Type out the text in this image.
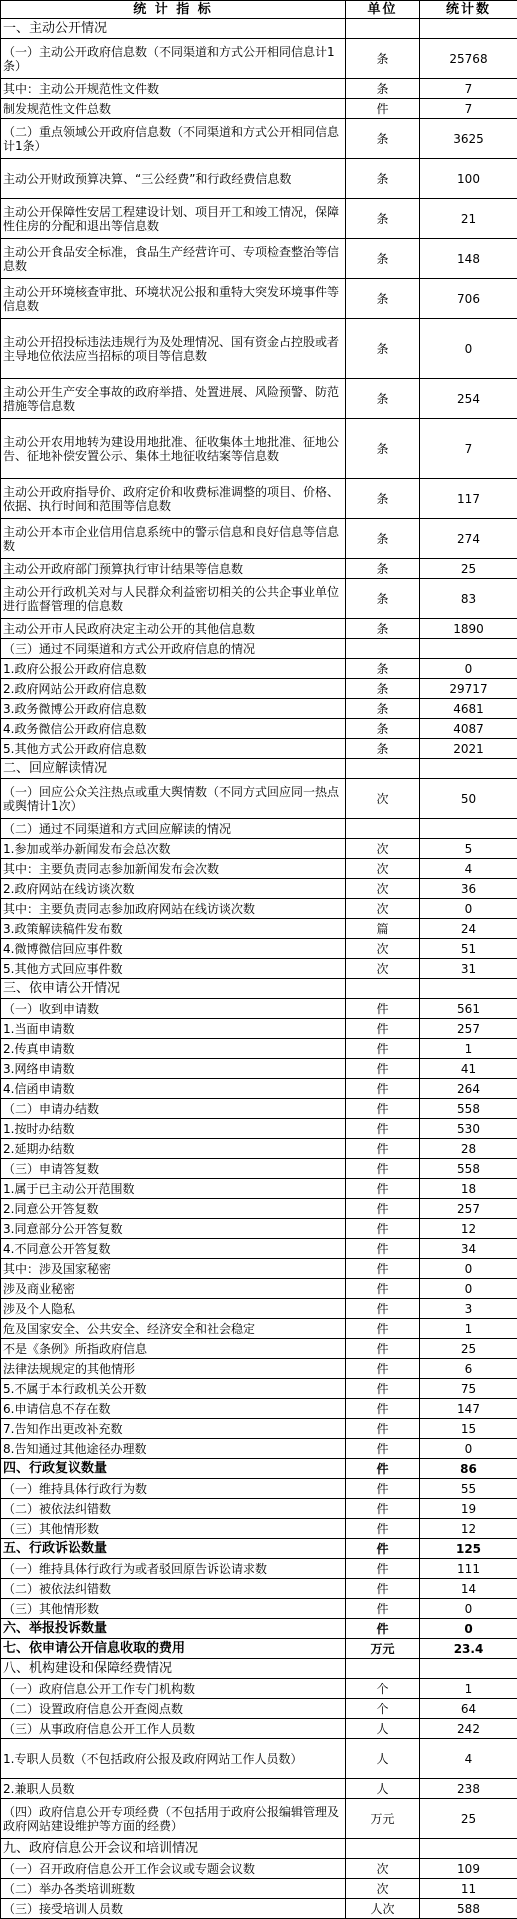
统 计 指 标	单位	统计数
一、主动公开情况		
（一）主动公开政府信息数（不同渠道和方式公开相同信息计1条）	条	25768
其中：主动公开规范性文件数	条	7
制发规范性文件总数	件	7
（二）重点领域公开政府信息数（不同渠道和方式公开相同信息计1条）	条	3625
主动公开财政预算决算、“三公经费”和行政经费信息数	条	100
主动公开保障性安居工程建设计划、项目开工和竣工情况，保障性住房的分配和退出等信息数	条	21
主动公开食品安全标准，食品生产经营许可、专项检查整治等信息数	条	148
主动公开环境核查审批、环境状况公报和重特大突发环境事件等信息数	条	706
主动公开招投标违法违规行为及处理情况、国有资金占控股或者主导地位依法应当招标的项目等信息数	条	0
主动公开生产安全事故的政府举措、处置进展、风险预警、防范措施等信息数	条	254
主动公开农用地转为建设用地批准、征收集体土地批准、征地公告、征地补偿安置公示、集体土地征收结案等信息数	条	7
主动公开政府指导价、政府定价和收费标准调整的项目、价格、依据、执行时间和范围等信息数	条	117
主动公开本市企业信用信息系统中的警示信息和良好信息等信息数	条	274
主动公开政府部门预算执行审计结果等信息数	条	25
主动公开行政机关对与人民群众利益密切相关的公共企事业单位进行监督管理的信息数	条	83
主动公开市人民政府决定主动公开的其他信息数	条	1890
（三）通过不同渠道和方式公开政府信息的情况		
1.政府公报公开政府信息数	条	0
2.政府网站公开政府信息数	条	29717
3.政务微博公开政府信息数	条	4681
4.政务微信公开政府信息数	条	4087
5.其他方式公开政府信息数	条	2021
二、回应解读情况		
（一）回应公众关注热点或重大舆情数（不同方式回应同一热点或舆情计1次）	次	50
（二）通过不同渠道和方式回应解读的情况		
1.参加或举办新闻发布会总次数	次	5
其中：主要负责同志参加新闻发布会次数	次	4
2.政府网站在线访谈次数	次	36
其中：主要负责同志参加政府网站在线访谈次数	次	0
3.政策解读稿件发布数	篇	24
4.微博微信回应事件数	次	51
5.其他方式回应事件数	次	31
三、依申请公开情况		
（一）收到申请数	件	561
1.当面申请数	件	257
2.传真申请数	件	1
3.网络申请数	件	41
4.信函申请数	件	264
（二）申请办结数	件	558
1.按时办结数	件	530
2.延期办结数	件	28
（三）申请答复数	件	558
1.属于已主动公开范围数	件	18
2.同意公开答复数	件	257
3.同意部分公开答复数	件	12
4.不同意公开答复数	件	34
其中：涉及国家秘密	件	0
涉及商业秘密	件	0
涉及个人隐私	件	3
危及国家安全、公共安全、经济安全和社会稳定	件	1
不是《条例》所指政府信息	件	25
法律法规规定的其他情形	件	6
5.不属于本行政机关公开数	件	75
6.申请信息不存在数	件	147
7.告知作出更改补充数	件	15
8.告知通过其他途径办理数	件	0
四、行政复议数量	件	86
（一）维持具体行政行为数	件	55
（二）被依法纠错数	件	19
（三）其他情形数	件	12
五、行政诉讼数量	件	125
（一）维持具体行政行为或者驳回原告诉讼请求数	件	111
（二）被依法纠错数	件	14
（三）其他情形数	件	0
六、举报投诉数量	件	0
七、依申请公开信息收取的费用	万元	23.4
八、机构建设和保障经费情况		
（一）政府信息公开工作专门机构数	个	1
（二）设置政府信息公开查阅点数	个	64
（三）从事政府信息公开工作人员数	人	242
1.专职人员数（不包括政府公报及政府网站工作人员数）	人	4
2.兼职人员数	人	238
（四）政府信息公开专项经费（不包括用于政府公报编辑管理及政府网站建设维护等方面的经费）	万元	25
九、政府信息公开会议和培训情况		
（一）召开政府信息公开工作会议或专题会议数	次	109
（二）举办各类培训班数	次	11
（三）接受培训人员数	人次	588
